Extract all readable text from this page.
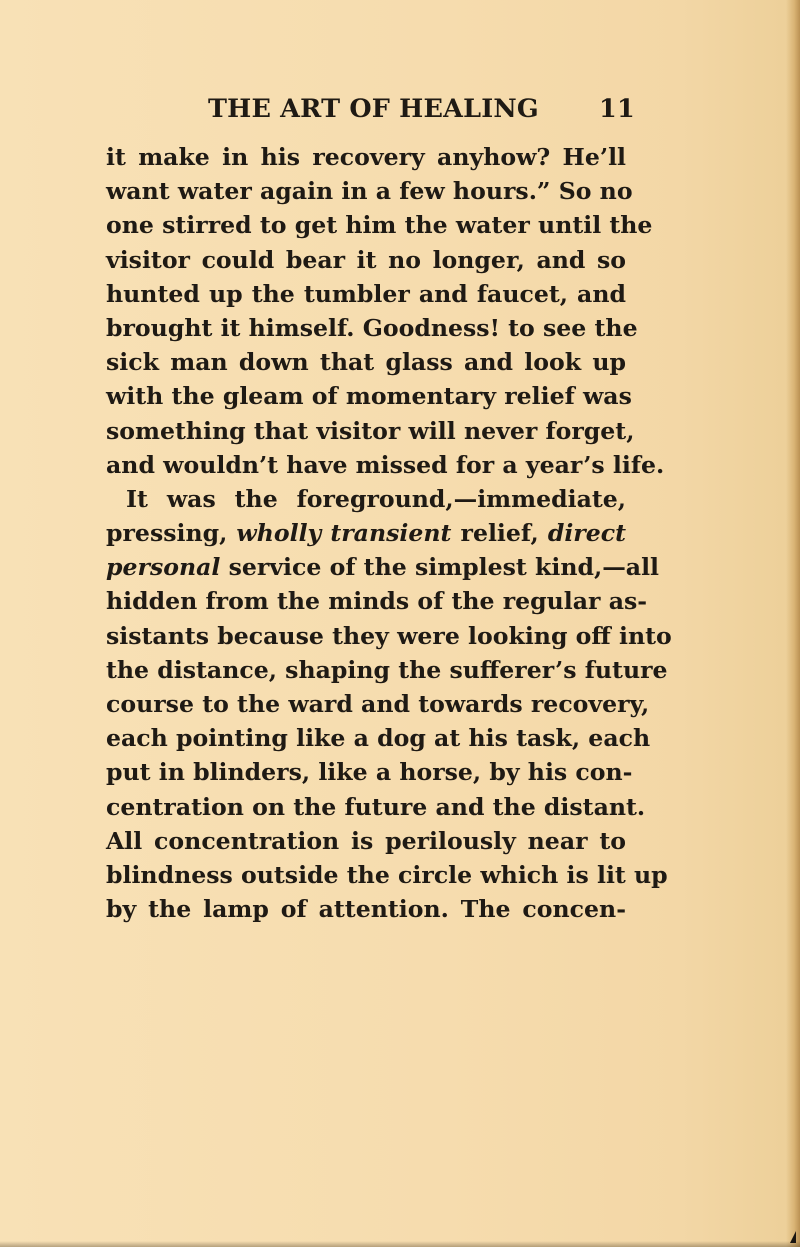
THE ART OF HEALING 11
it make in his recovery anyhow? He’ll
want water again in a few hours.” So no
one stirred to get him the water until the
visitor could bear it no longer, and so
hunted up the tumbler and faucet, and
brought it himself. Goodness! to see the
sick man down that glass and look up
with the gleam of momentary relief was
something that visitor will never forget,
and wouldn’t have missed for a year’s life.
It was the foreground,—immediate,
pressing, wholly transient relief, direct
personal service of the simplest kind,—all
hidden from the minds of the regular as-
sistants because they were looking off into
the distance, shaping the sufferer’s future
course to the ward and towards recovery,
each pointing like a dog at his task, each
put in blinders, like a horse, by his con-
centration on the future and the distant.
All concentration is perilously near to
blindness outside the circle which is lit up
by the lamp of attention. The concen-
